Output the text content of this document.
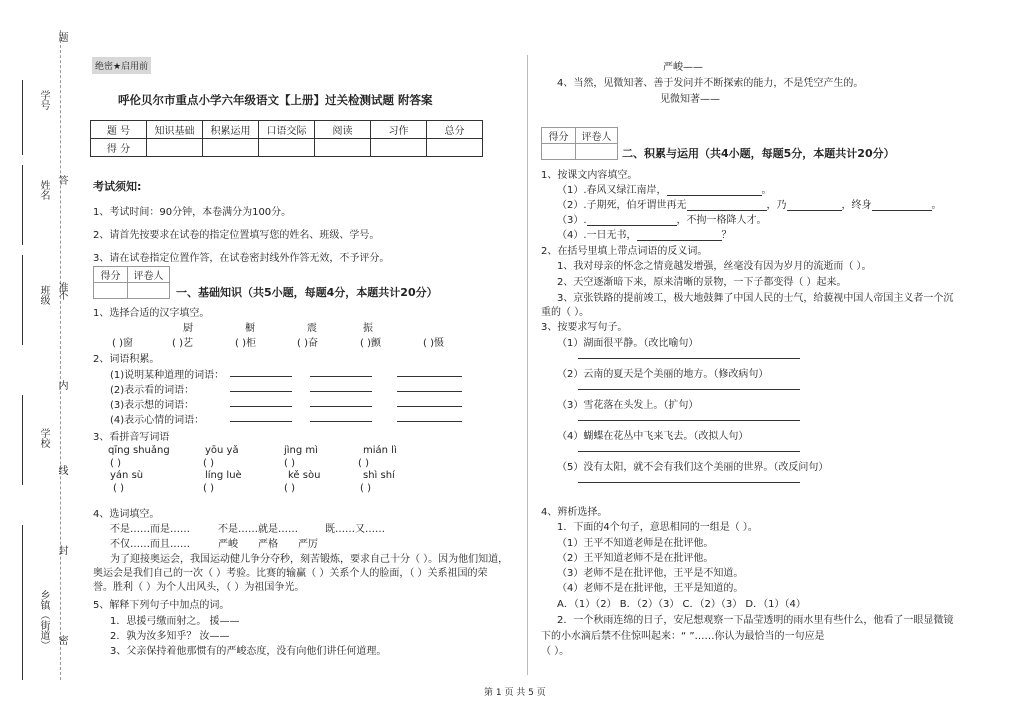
题
学号
答
姓名
准
班级 不
内
学校
线
封
乡镇（街道） 密
绝密★启用前
呼伦贝尔市重点小学六年级语文【上册】过关检测试题 附答案
题 号	知识基础	积累运用	口语交际	阅读	习作	总分
得 分						
考试须知:
1、考试时间：90分钟，本卷满分为100分。
2、请首先按要求在试卷的指定位置填写您的姓名、班级、学号。
3、请在试卷指定位置作答，在试卷密封线外作答无效，不予评分。
得分	评卷人

一、基础知识（共5小题，每题4分，本题共计20分）
1、选择合适的汉字填空。
厨	橱	震	振
( )窗	( )艺	( )柜	( )奋	( )颤	( )慑
2、词语积累。
(1)说明某种道理的词语：
(2)表示看的词语：
(3)表示想的词语：
(4)表示心情的词语：
3、看拼音写词语
qīng shuǎng	yōu yǎ	jìng mì	mián lì
( )	( )	( )	( )
yán sù	líng luè	kě sòu	shì shí
( )	( )	( )	( )
4、选词填空。
不是……而是……	不是……就是……	既……又……
不仅……而且……	严峻 严格 严厉
为了迎接奥运会，我国运动健儿争分夺秒，刻苦锻炼，要求自己十分（ ）。因为他们知道，
奥运会是我们自己的一次（ ）考验。比赛的输赢（ ）关系个人的脸面，（ ）关系祖国的荣
誉。胜利（ ）为个人出风头，（ ）为祖国争光。
5、解释下列句子中加点的词。
1．思援弓缴而射之。 援——
2．孰为汝多知乎？ 汝——
3、父亲保持着他那惯有的严峻态度，没有向他们讲任何道理。
严峻——
4、当然，见微知著、善于发问并不断探索的能力，不是凭空产生的。
见微知著——
得分	评卷人

二、积累与运用（共4小题，每题5分，本题共计20分）
1、按课文内容填空。
（1）.春风又绿江南岸，	。
（2）.子期死，伯牙谓世再无	，乃	，终身	。
（3）.	，不拘一格降人才。
（4）.一日无书，	？
2、在括号里填上带点词语的反义词。
1、我对母亲的怀念之情竟越发增强，丝毫没有因为岁月的流逝而（ ）。
2、天空逐渐暗下来，原来清晰的景物，一下子都变得（ ）起来。
3、京张铁路的提前竣工，极大地鼓舞了中国人民的士气，给藐视中国人帝国主义者一个沉
重的（ ）。
3、按要求写句子。
（1）湖面很平静。（改比喻句）
（2）云南的夏天是个美丽的地方。（修改病句）
（3）雪花落在头发上。（扩句）
（4）蝴蝶在花丛中飞来飞去。（改拟人句）
（5）没有太阳，就不会有我们这个美丽的世界。（改反问句）
4、辨析选择。
1．下面的4个句子，意思相同的一组是（ ）。
（1）王平不知道老师是在批评他。
（2）王平知道老师不是在批评他。
（3）老师不是在批评他，王平是不知道。
（4）老师不是在批评他，王平是知道的。
A．（1）（2） B．（2）（3） C．（2）（3） D．（1）（4）
2．一个秋雨连绵的日子，安尼想观察一下晶莹透明的雨水里有些什么，他看了一眼显微镜
下的小水滴后禁不住惊叫起来：“ ”……你认为最恰当的一句应是
（ ）。
第 1 页 共 5 页
